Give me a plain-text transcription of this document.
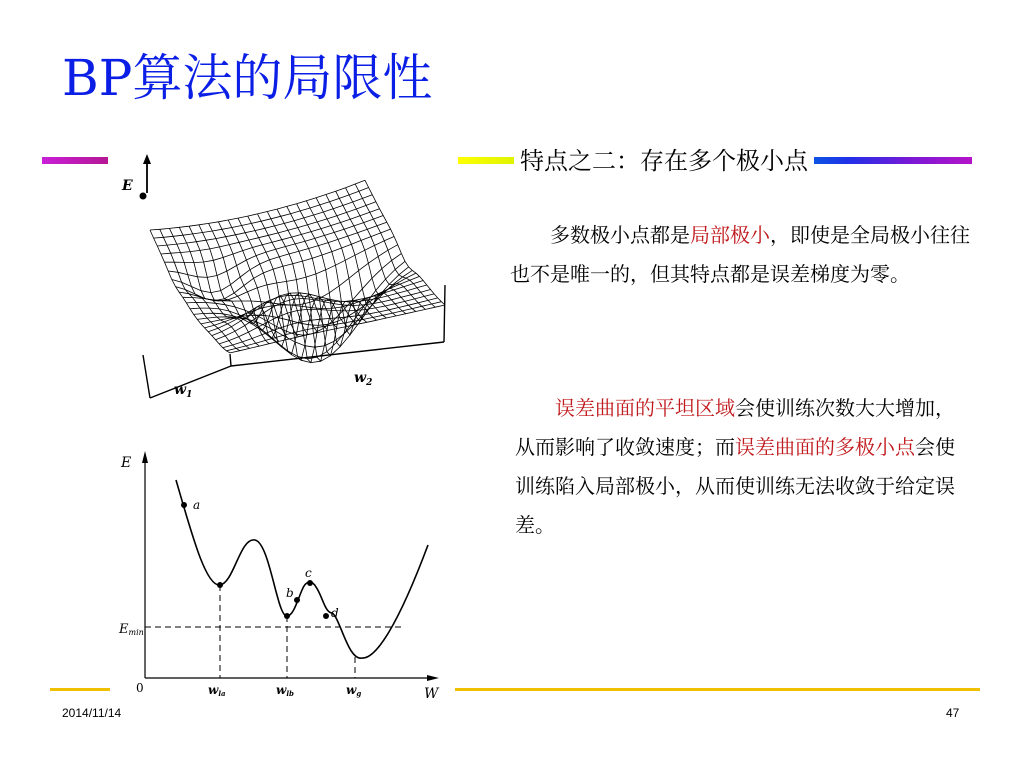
BP算法的局限性
特点之二：存在多个极小点
　　多数极小点都是局部极小，即使是全局极小往往也不是唯一的，但其特点都是误差梯度为零。
　　误差曲面的平坦区域会使训练次数大大增加，从而影响了收敛速度；而误差曲面的多极小点会使训练陷入局部极小，从而使训练无法收敛于给定误差。
E
$w_1$
$w_2$
E
W
0
Emin
a
b
c
d
wla	wlb	wg
2014/11/14	47
